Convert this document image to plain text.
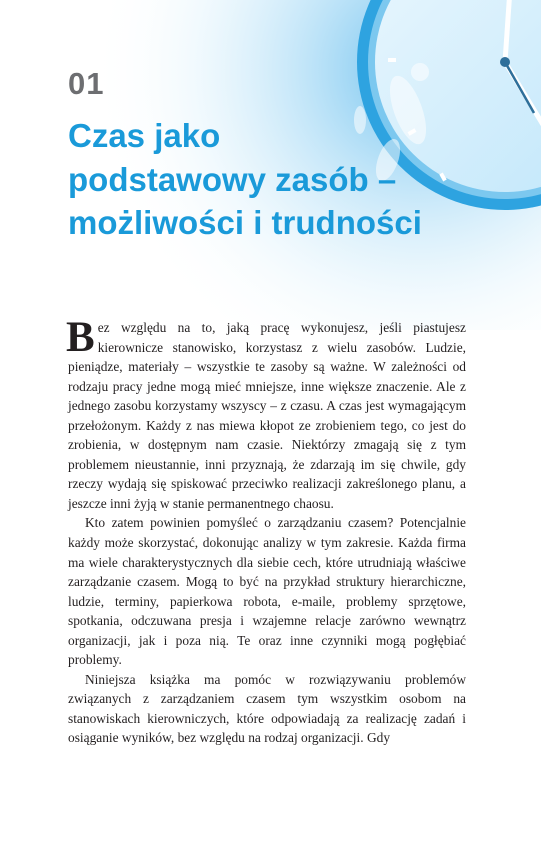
01
Czas jako
podstawowy zasób –
możliwości i trudności

Bez względu na to, jaką pracę wykonujesz, jeśli piastujesz kierownicze stanowisko, korzystasz z wielu zasobów. Ludzie, pieniądze, materiały – wszystkie te zasoby są ważne. W zależności od rodzaju pracy jedne mogą mieć mniejsze, inne większe znaczenie. Ale z jednego zasobu korzystamy wszyscy – z czasu. A czas jest wymagającym przełożonym. Każdy z nas miewa kłopot ze zrobieniem tego, co jest do zrobienia, w dostępnym nam czasie. Niektórzy zmagają się z tym problemem nieustannie, inni przyznają, że zdarzają im się chwile, gdy rzeczy wydają się spiskować przeciwko realizacji zakreślonego planu, a jeszcze inni żyją w stanie permanentnego chaosu.

Kto zatem powinien pomyśleć o zarządzaniu czasem? Potencjalnie każdy może skorzystać, dokonując analizy w tym zakresie. Każda firma ma wiele charakterystycznych dla siebie cech, które utrudniają właściwe zarządzanie czasem. Mogą to być na przykład struktury hierarchiczne, ludzie, terminy, papierkowa robota, e-maile, problemy sprzętowe, spotkania, odczuwana presja i wzajemne relacje zarówno wewnątrz organizacji, jak i poza nią. Te oraz inne czynniki mogą pogłębiać problemy.

Niniejsza książka ma pomóc w rozwiązywaniu problemów związanych z zarządzaniem czasem tym wszystkim osobom na stanowiskach kierowniczych, które odpowiadają za realizację zadań i osiąganie wyników, bez względu na rodzaj organizacji. Gdy
